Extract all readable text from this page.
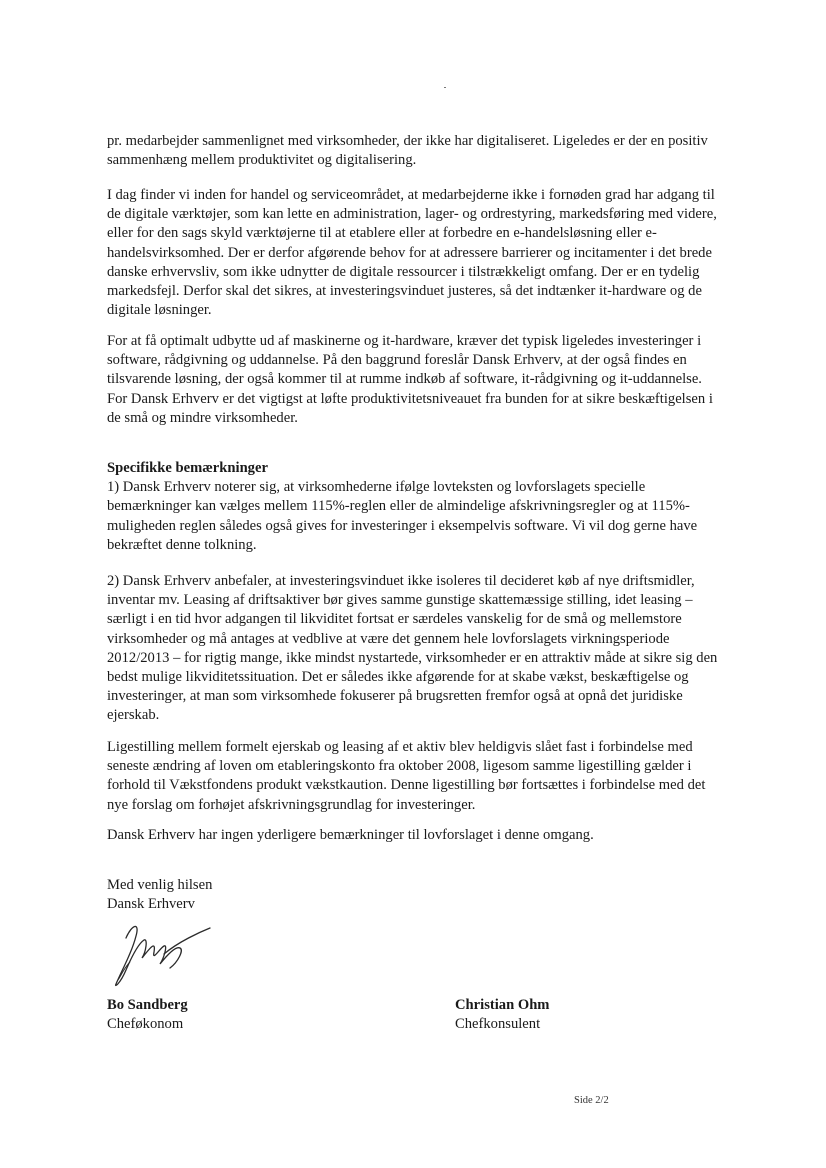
pr. medarbejder sammenlignet med virksomheder, der ikke har digitaliseret. Ligeledes er der en positiv sammenhæng mellem produktivitet og digitalisering.

I dag finder vi inden for handel og serviceområdet, at medarbejderne ikke i fornøden grad har adgang til de digitale værktøjer, som kan lette en administration, lager- og ordrestyring, markedsføring med videre, eller for den sags skyld værktøjerne til at etablere eller at forbedre en e-handelsløsning eller e-handelsvirksomhed. Der er derfor afgørende behov for at adressere barrierer og incitamenter i det brede danske erhvervsliv, som ikke udnytter de digitale ressourcer i tilstrækkeligt omfang. Der er en tydelig markedsfejl. Derfor skal det sikres, at investeringsvinduet justeres, så det indtænker it-hardware og de digitale løsninger.

For at få optimalt udbytte ud af maskinerne og it-hardware, kræver det typisk ligeledes investeringer i software, rådgivning og uddannelse. På den baggrund foreslår Dansk Erhverv, at der også findes en tilsvarende løsning, der også kommer til at rumme indkøb af software, it-rådgivning og it-uddannelse. For Dansk Erhverv er det vigtigst at løfte produktivitetsniveauet fra bunden for at sikre beskæftigelsen i de små og mindre virksomheder.

Specifikke bemærkninger

1) Dansk Erhverv noterer sig, at virksomhederne ifølge lovteksten og lovforslagets specielle bemærkninger kan vælges mellem 115%-reglen eller de almindelige afskrivningsregler og at 115%-muligheden reglen således også gives for investeringer i eksempelvis software. Vi vil dog gerne have bekræftet denne tolkning.

2) Dansk Erhverv anbefaler, at investeringsvinduet ikke isoleres til decideret køb af nye driftsmidler, inventar mv. Leasing af driftsaktiver bør gives samme gunstige skattemæssige stilling, idet leasing – særligt i en tid hvor adgangen til likviditet fortsat er særdeles vanskelig for de små og mellemstore virksomheder og må antages at vedblive at være det gennem hele lovforslagets virkningsperiode 2012/2013 – for rigtig mange, ikke mindst nystartede, virksomheder er en attraktiv måde at sikre sig den bedst mulige likviditetssituation. Det er således ikke afgørende for at skabe vækst, beskæftigelse og investeringer, at man som virksomhede fokuserer på brugsretten fremfor også at opnå det juridiske ejerskab.

Ligestilling mellem formelt ejerskab og leasing af et aktiv blev heldigvis slået fast i forbindelse med seneste ændring af loven om etableringskonto fra oktober 2008, ligesom samme ligestilling gælder i forhold til Vækstfondens produkt vækstkaution. Denne ligestilling bør fortsættes i forbindelse med det nye forslag om forhøjet afskrivningsgrundlag for investeringer.

Dansk Erhverv har ingen yderligere bemærkninger til lovforslaget i denne omgang.

Med venlig hilsen

Dansk Erhverv

Bo Sandberg
Cheføkonom
Christian Ohm
Chefkonsulent
Side 2/2
